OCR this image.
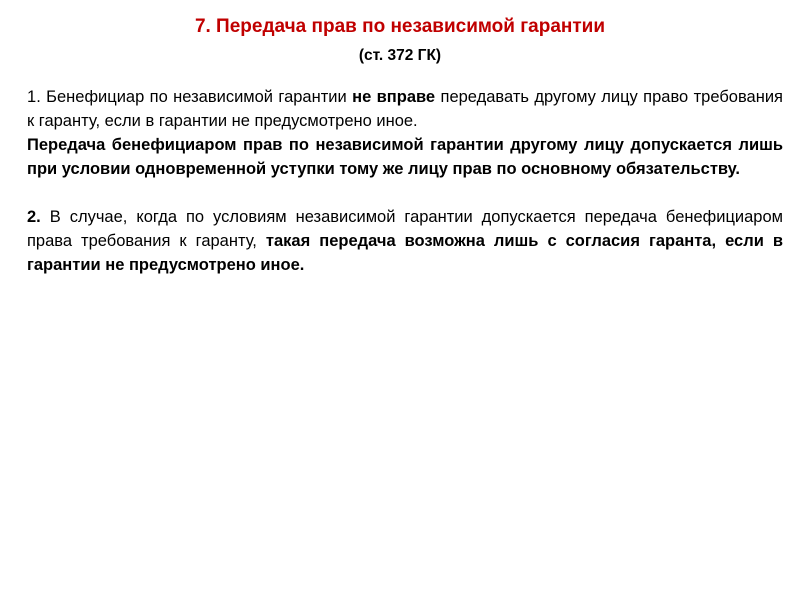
7. Передача прав по независимой гарантии
(ст. 372 ГК)

1. Бенефициар по независимой гарантии не вправе передавать другому лицу право требования к гаранту, если в гарантии не предусмотрено иное.

Передача бенефициаром прав по независимой гарантии другому лицу допускается лишь при условии одновременной уступки тому же лицу прав по основному обязательству.

2. В случае, когда по условиям независимой гарантии допускается передача бенефициаром права требования к гаранту, такая передача возможна лишь с согласия гаранта, если в гарантии не предусмотрено иное.
